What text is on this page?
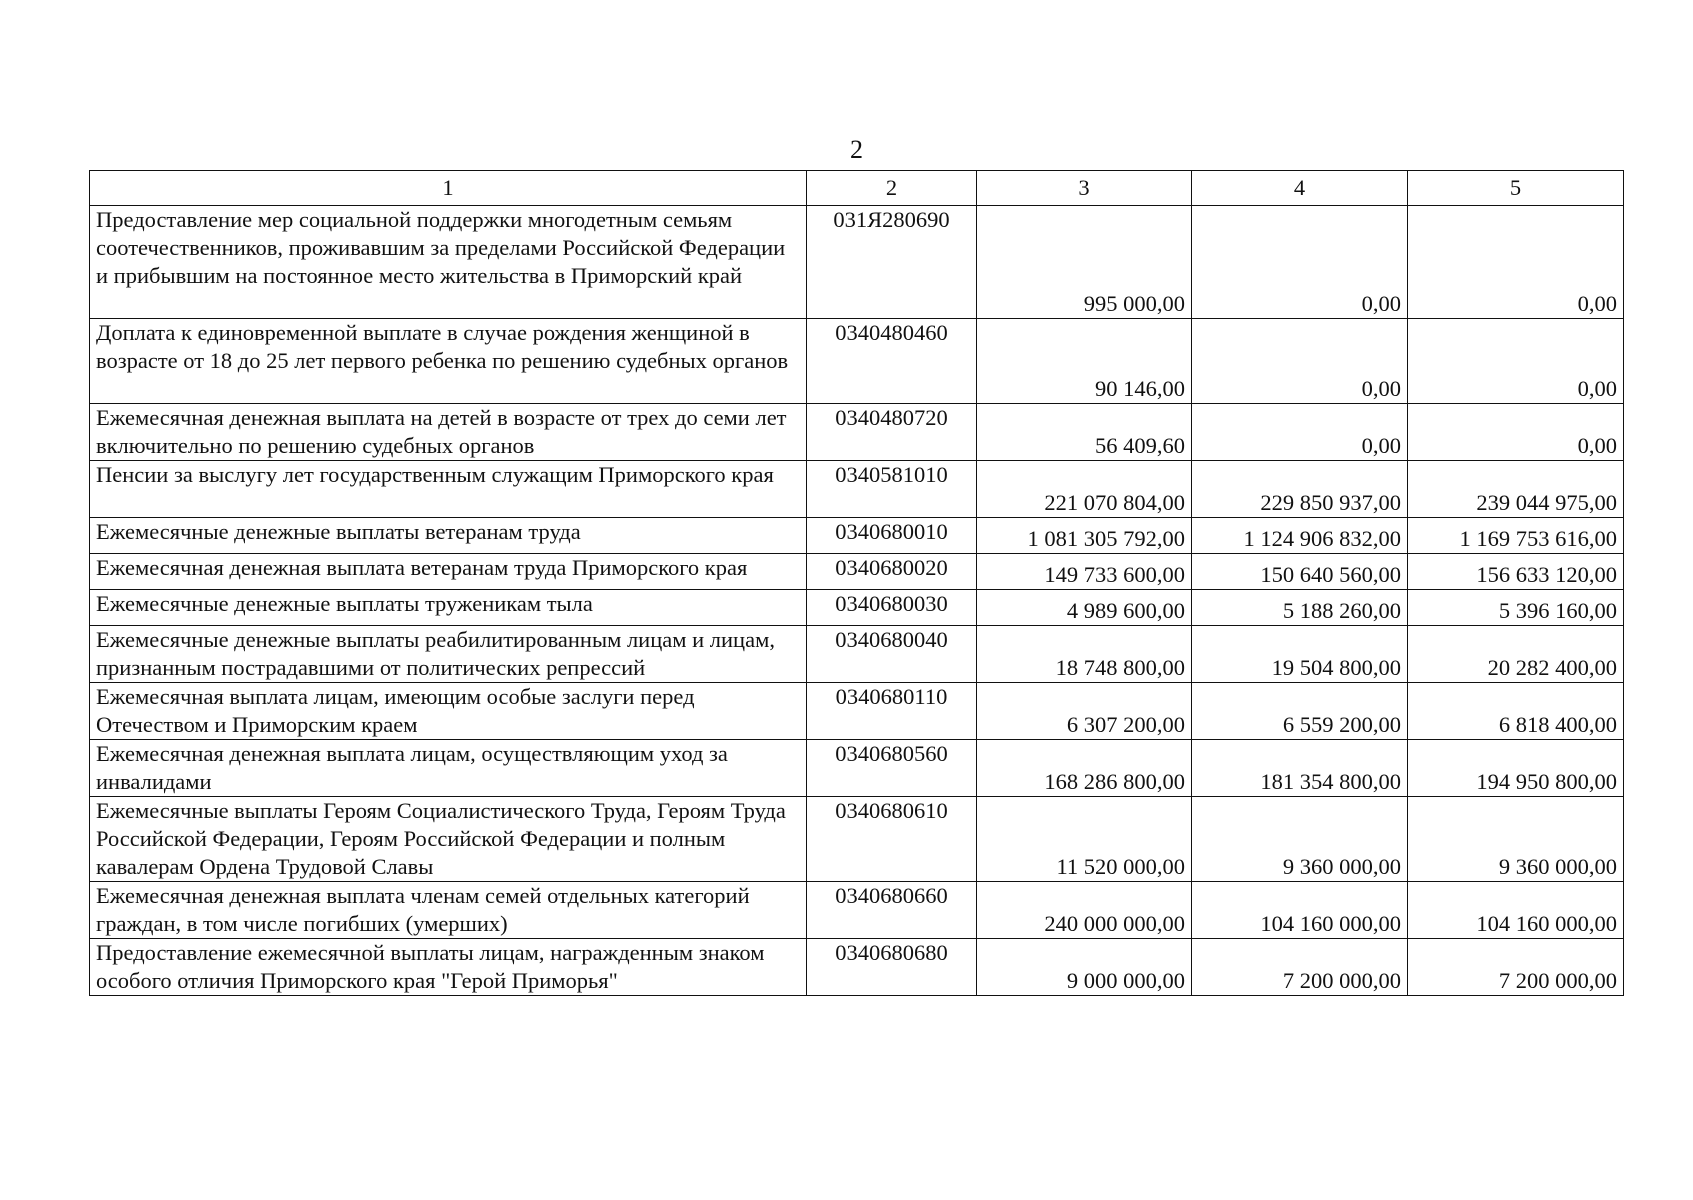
2
1	2	3	4	5
Предоставление мер социальной поддержки многодетным семьям соотечественников, проживавшим за пределами Российской Федерации и прибывшим на постоянное место жительства в Приморский край	031Я280690	995 000,00	0,00	0,00
Доплата к единовременной выплате в случае рождения женщиной в возрасте от 18 до 25 лет первого ребенка по решению судебных органов	0340480460	90 146,00	0,00	0,00
Ежемесячная денежная выплата на детей в возрасте от трех до семи лет включительно по решению судебных органов	0340480720	56 409,60	0,00	0,00
Пенсии за выслугу лет государственным служащим Приморского края	0340581010	221 070 804,00	229 850 937,00	239 044 975,00
Ежемесячные денежные выплаты ветеранам труда	0340680010	1 081 305 792,00	1 124 906 832,00	1 169 753 616,00
Ежемесячная денежная выплата ветеранам труда Приморского края	0340680020	149 733 600,00	150 640 560,00	156 633 120,00
Ежемесячные денежные выплаты труженикам тыла	0340680030	4 989 600,00	5 188 260,00	5 396 160,00
Ежемесячные денежные выплаты реабилитированным лицам и лицам, признанным пострадавшими от политических репрессий	0340680040	18 748 800,00	19 504 800,00	20 282 400,00
Ежемесячная выплата лицам, имеющим особые заслуги перед Отечеством и Приморским краем	0340680110	6 307 200,00	6 559 200,00	6 818 400,00
Ежемесячная денежная выплата лицам, осуществляющим уход за инвалидами	0340680560	168 286 800,00	181 354 800,00	194 950 800,00
Ежемесячные выплаты Героям Социалистического Труда, Героям Труда Российской Федерации, Героям Российской Федерации и полным кавалерам Ордена Трудовой Славы	0340680610	11 520 000,00	9 360 000,00	9 360 000,00
Ежемесячная денежная выплата членам семей отдельных категорий граждан, в том числе погибших (умерших)	0340680660	240 000 000,00	104 160 000,00	104 160 000,00
Предоставление ежемесячной выплаты лицам, награжденным знаком особого отличия Приморского края "Герой Приморья"	0340680680	9 000 000,00	7 200 000,00	7 200 000,00
